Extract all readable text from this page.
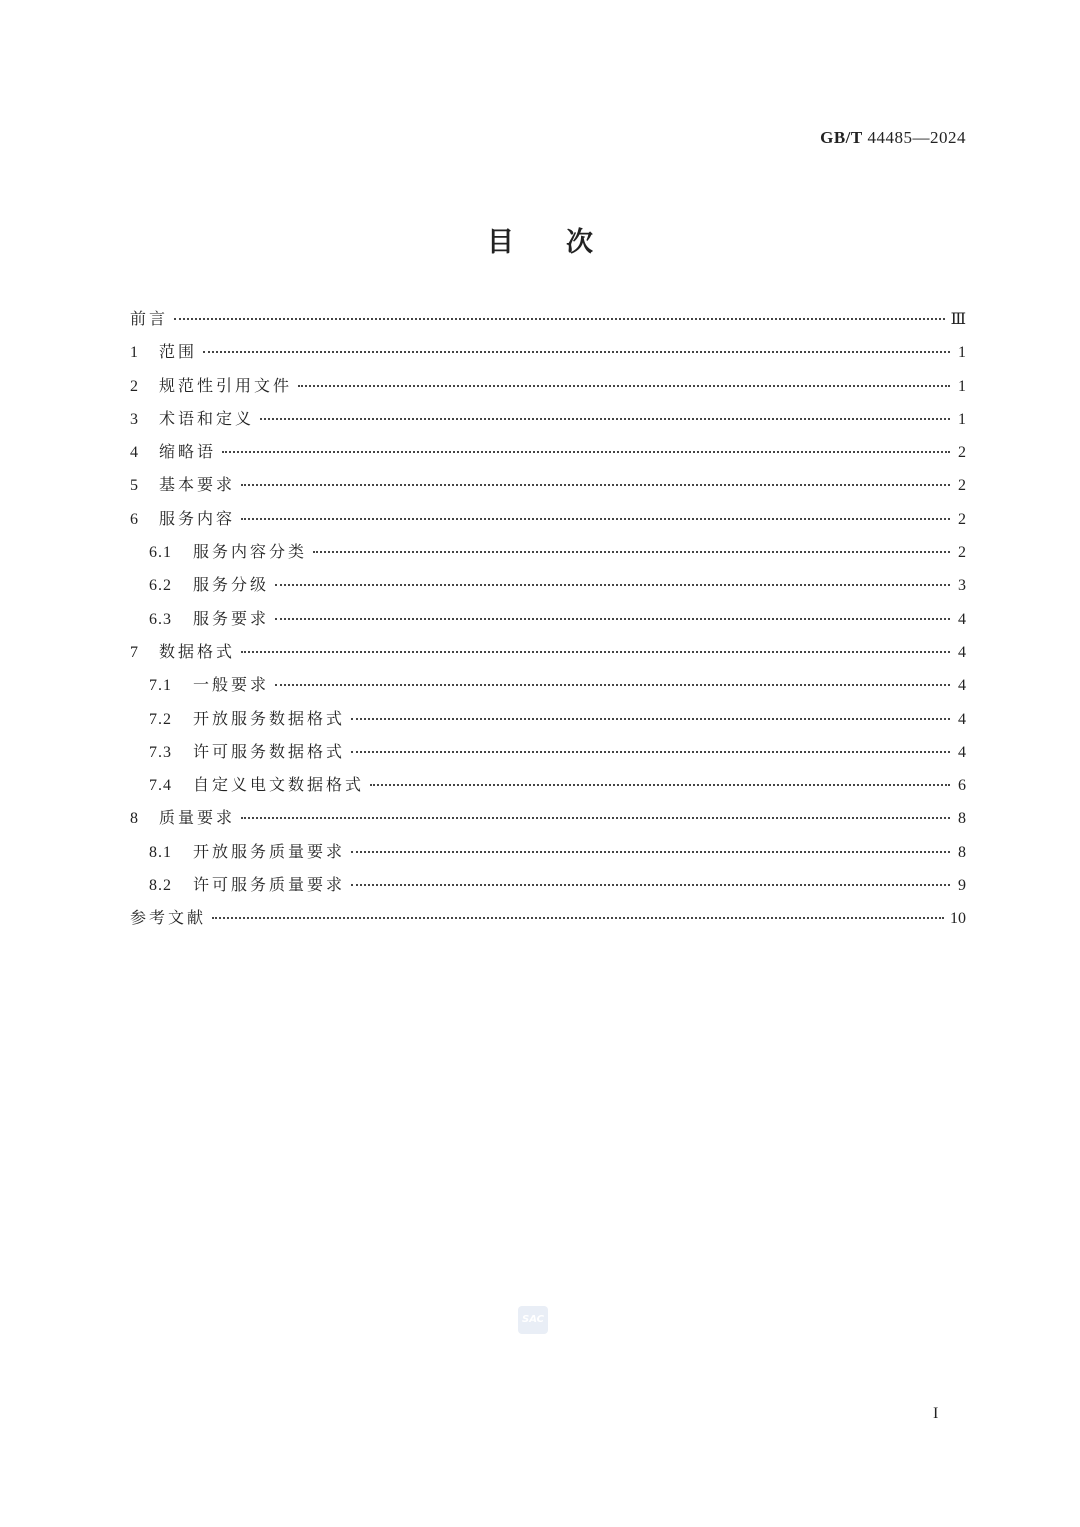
GB/T 44485—2024
目次
前言	Ⅲ
1	范围	1
2	规范性引用文件	1
3	术语和定义	1
4	缩略语	2
5	基本要求	2
6	服务内容	2
6.1	服务内容分类	2
6.2	服务分级	3
6.3	服务要求	4
7	数据格式	4
7.1	一般要求	4
7.2	开放服务数据格式	4
7.3	许可服务数据格式	4
7.4	自定义电文数据格式	6
8	质量要求	8
8.1	开放服务质量要求	8
8.2	许可服务质量要求	9
参考文献	10
SAC
I
